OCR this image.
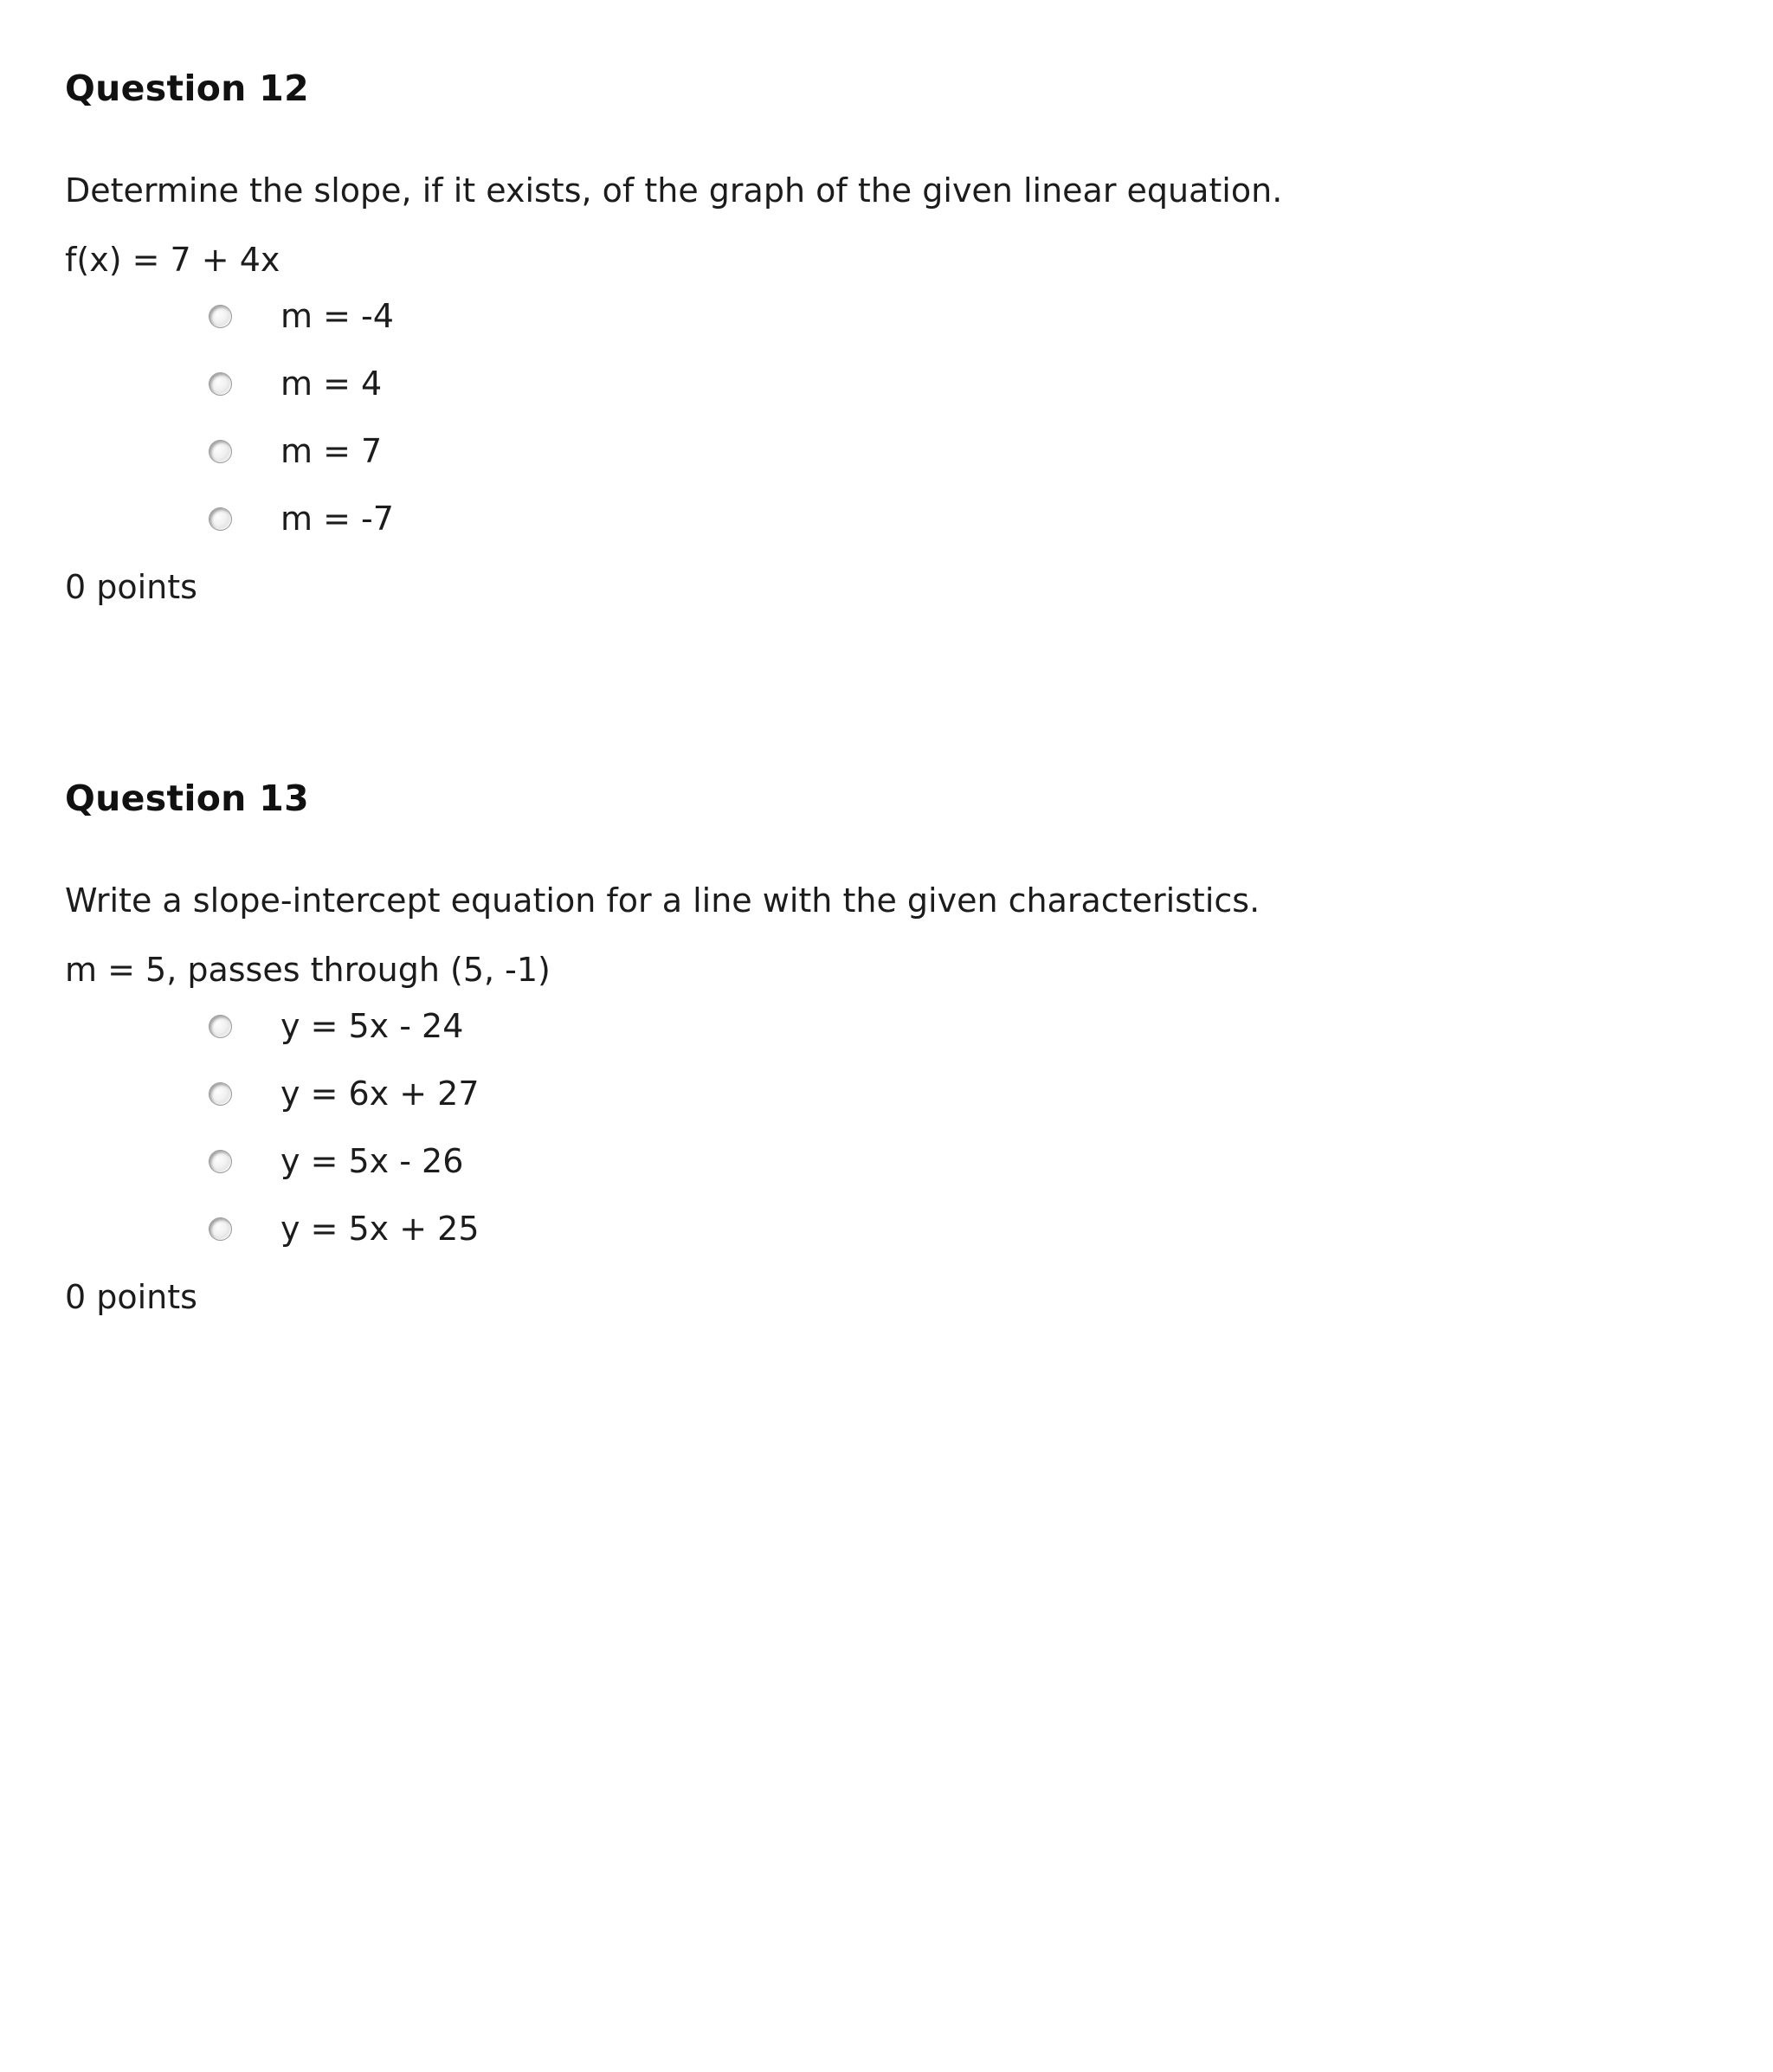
Question 12

Determine the slope, if it exists, of the graph of the given linear equation.

f(x) = 7 + 4x

m = -4
m = 4
m = 7
m = -7

0 points

Question 13

Write a slope-intercept equation for a line with the given characteristics.

m = 5, passes through (5, -1)

y = 5x - 24
y = 6x + 27
y = 5x - 26
y = 5x + 25

0 points
